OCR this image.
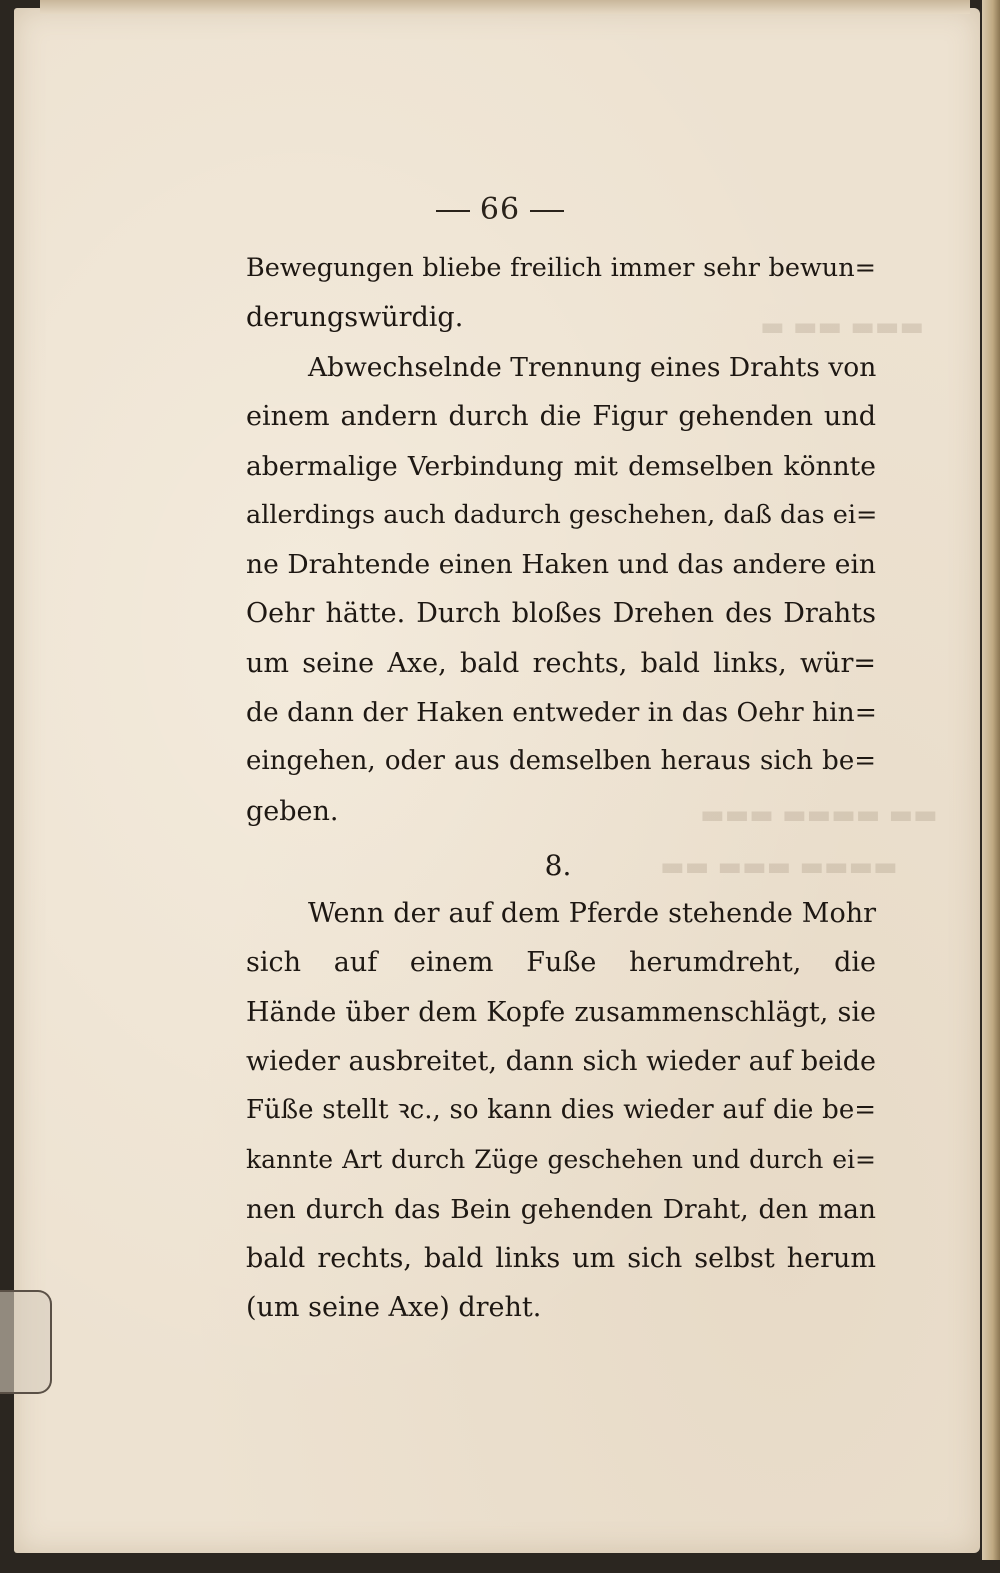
▬ ▬▬ ▬▬▬
▬▬▬ ▬▬▬▬ ▬▬
▬▬ ▬▬▬ ▬▬▬▬
66
Bewegungen bliebe freilich immer sehr bewun=
derungswürdig.
Abwechselnde Trennung eines Drahts von
einem andern durch die Figur gehenden und
abermalige Verbindung mit demselben könnte
allerdings auch dadurch geschehen, daß das ei=
ne Drahtende einen Haken und das andere ein
Oehr hätte. Durch bloßes Drehen des Drahts
um seine Axe, bald rechts, bald links, wür=
de dann der Haken entweder in das Oehr hin=
eingehen, oder aus demselben heraus sich be=
geben.
8.
Wenn der auf dem Pferde stehende Mohr
sich auf einem Fuße herumdreht, die
Hände über dem Kopfe zusammenschlägt, sie
wieder ausbreitet, dann sich wieder auf beide
Füße stellt ꝛc., so kann dies wieder auf die be=
kannte Art durch Züge geschehen und durch ei=
nen durch das Bein gehenden Draht, den man
bald rechts, bald links um sich selbst herum
(um seine Axe) dreht.
